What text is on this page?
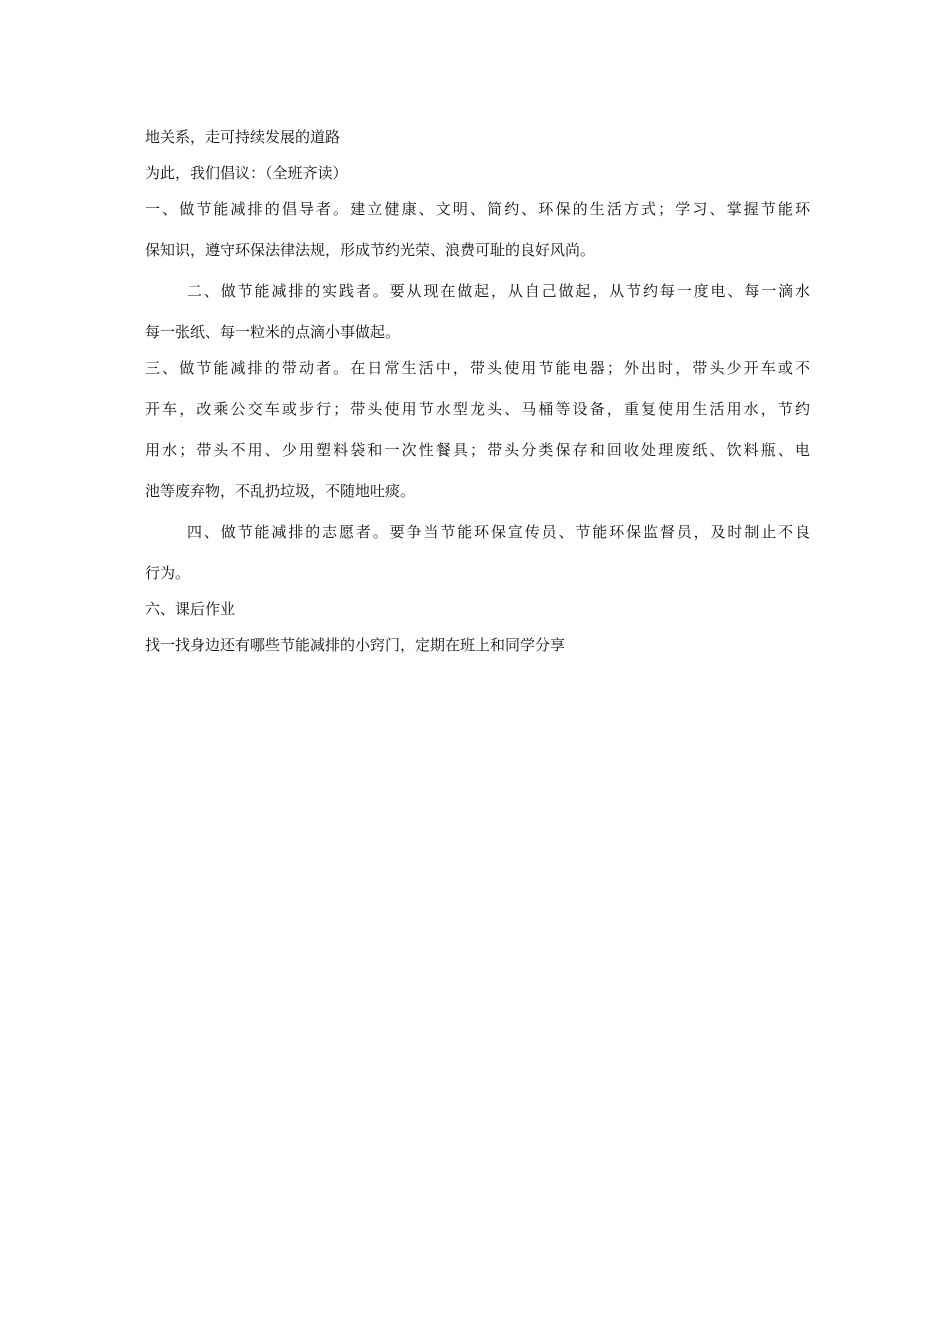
地关系，走可持续发展的道路

为此，我们倡议：（全班齐读）

一、做节能减排的倡导者。建立健康、文明、简约、环保的生活方式；学习、掌握节能环

保知识，遵守环保法律法规，形成节约光荣、浪费可耻的良好风尚。

二、做节能减排的实践者。要从现在做起，从自己做起，从节约每一度电、每一滴水

每一张纸、每一粒米的点滴小事做起。

三、做节能减排的带动者。在日常生活中，带头使用节能电器；外出时，带头少开车或不

开车，改乘公交车或步行；带头使用节水型龙头、马桶等设备，重复使用生活用水，节约

用水；带头不用、少用塑料袋和一次性餐具；带头分类保存和回收处理废纸、饮料瓶、电

池等废弃物，不乱扔垃圾，不随地吐痰。

四、做节能减排的志愿者。要争当节能环保宣传员、节能环保监督员，及时制止不良

行为。

六、课后作业

找一找身边还有哪些节能减排的小窍门，定期在班上和同学分享
